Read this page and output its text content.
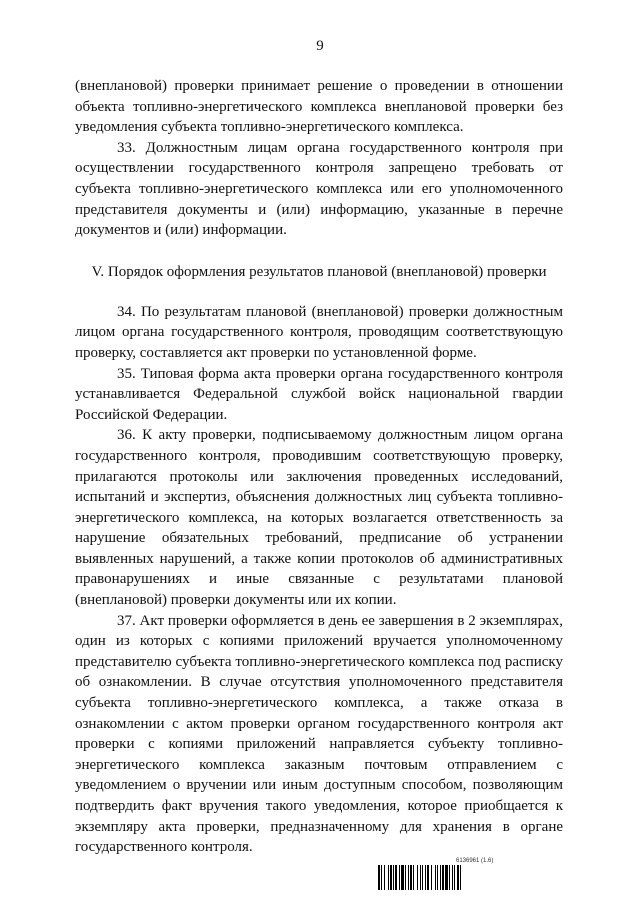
9

(внеплановой) проверки принимает решение о проведении в отношении объекта топливно-энергетического комплекса внеплановой проверки без уведомления субъекта топливно-энергетического комплекса.

33. Должностным лицам органа государственного контроля при осуществлении государственного контроля запрещено требовать от субъекта топливно-энергетического комплекса или его уполномоченного представителя документы и (или) информацию, указанные в перечне документов и (или) информации.

V. Порядок оформления результатов плановой (внеплановой) проверки

34. По результатам плановой (внеплановой) проверки должностным лицом органа государственного контроля, проводящим соответствующую проверку, составляется акт проверки по установленной форме.

35. Типовая форма акта проверки органа государственного контроля устанавливается Федеральной службой войск национальной гвардии Российской Федерации.

36. К акту проверки, подписываемому должностным лицом органа государственного контроля, проводившим соответствующую проверку, прилагаются протоколы или заключения проведенных исследований, испытаний и экспертиз, объяснения должностных лиц субъекта топливно-энергетического комплекса, на которых возлагается ответственность за нарушение обязательных требований, предписание об устранении выявленных нарушений, а также копии протоколов об административных правонарушениях и иные связанные с результатами плановой (внеплановой) проверки документы или их копии.

37. Акт проверки оформляется в день ее завершения в 2 экземплярах, один из которых с копиями приложений вручается уполномоченному представителю субъекта топливно-энергетического комплекса под расписку об ознакомлении. В случае отсутствия уполномоченного представителя субъекта топливно-энергетического комплекса, а также отказа в ознакомлении с актом проверки органом государственного контроля акт проверки с копиями приложений направляется субъекту топливно-энергетического комплекса заказным почтовым отправлением с уведомлением о вручении или иным доступным способом, позволяющим подтвердить факт вручения такого уведомления, которое приобщается к экземпляру акта проверки, предназначенному для хранения в органе государственного контроля.

6136961 (1.6)
